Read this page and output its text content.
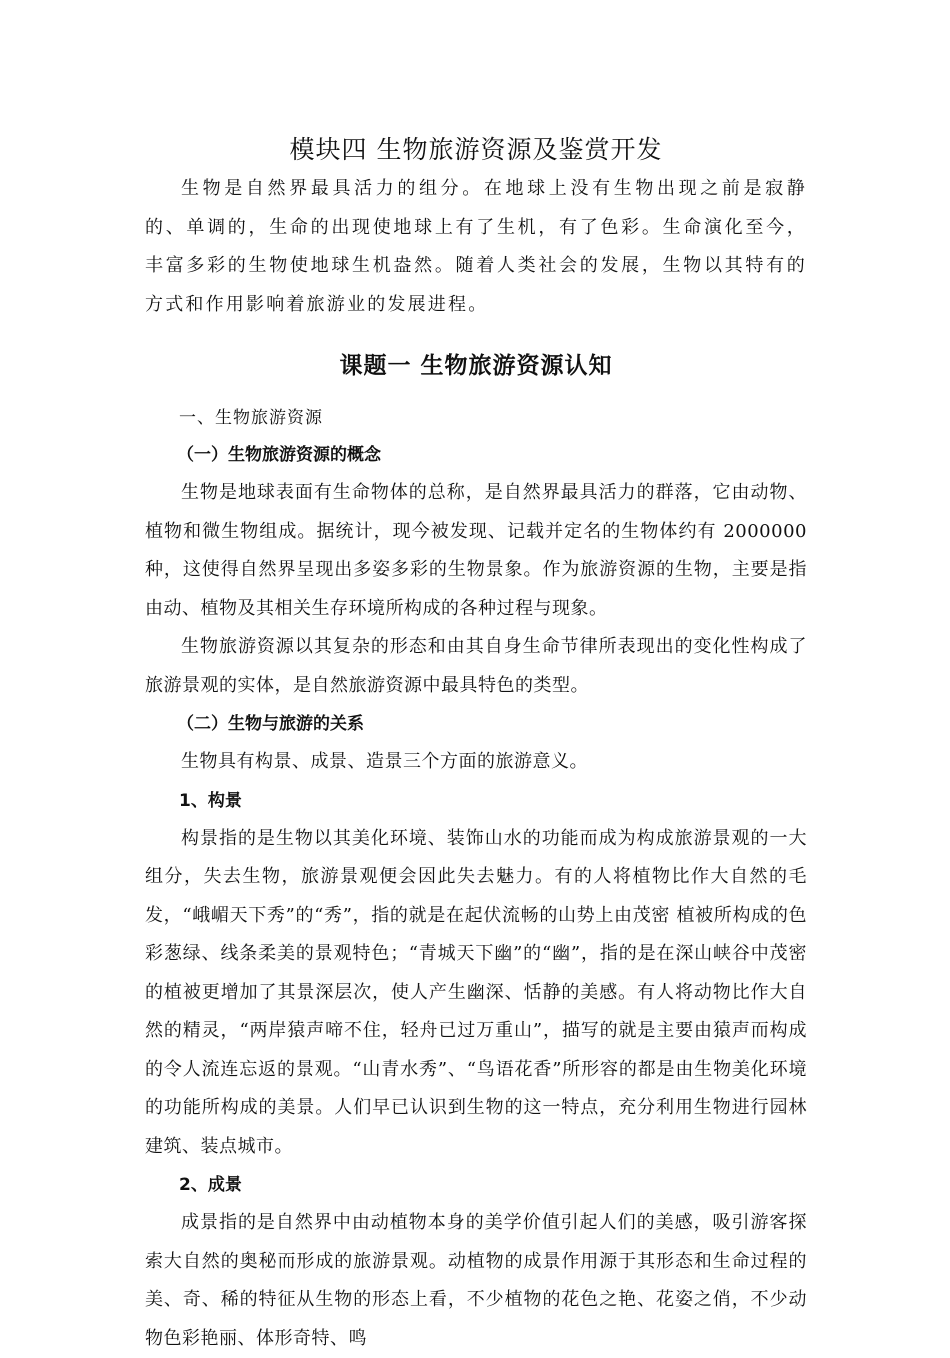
模块四 生物旅游资源及鉴赏开发

生物是自然界最具活力的组分。在地球上没有生物出现之前是寂静的、单调的，生命的出现使地球上有了生机，有了色彩。生命演化至今，丰富多彩的生物使地球生机盎然。随着人类社会的发展，生物以其特有的方式和作用影响着旅游业的发展进程。

课题一 生物旅游资源认知
一、生物旅游资源
（一）生物旅游资源的概念

生物是地球表面有生命物体的总称，是自然界最具活力的群落，它由动物、植物和微生物组成。据统计，现今被发现、记载并定名的生物体约有 2000000 种，这使得自然界呈现出多姿多彩的生物景象。作为旅游资源的生物，主要是指由动、植物及其相关生存环境所构成的各种过程与现象。

生物旅游资源以其复杂的形态和由其自身生命节律所表现出的变化性构成了旅游景观的实体，是自然旅游资源中最具特色的类型。

（二）生物与旅游的关系

生物具有构景、成景、造景三个方面的旅游意义。

1、构景

构景指的是生物以其美化环境、装饰山水的功能而成为构成旅游景观的一大组分，失去生物，旅游景观便会因此失去魅力。有的人将植物比作大自然的毛发，“峨嵋天下秀”的“秀”，指的就是在起伏流畅的山势上由茂密 植被所构成的色彩葱绿、线条柔美的景观特色；“青城天下幽”的“幽”，指的是在深山峡谷中茂密的植被更增加了其景深层次，使人产生幽深、恬静的美感。有人将动物比作大自然的精灵，“两岸猿声啼不住，轻舟已过万重山”，描写的就是主要由猿声而构成的令人流连忘返的景观。“山青水秀”、“鸟语花香”所形容的都是由生物美化环境的功能所构成的美景。人们早已认识到生物的这一特点，充分利用生物进行园林建筑、装点城市。

2、成景

成景指的是自然界中由动植物本身的美学价值引起人们的美感，吸引游客探索大自然的奥秘而形成的旅游景观。动植物的成景作用源于其形态和生命过程的美、奇、稀的特征从生物的形态上看，不少植物的花色之艳、花姿之俏，不少动物色彩艳丽、体形奇特、鸣
